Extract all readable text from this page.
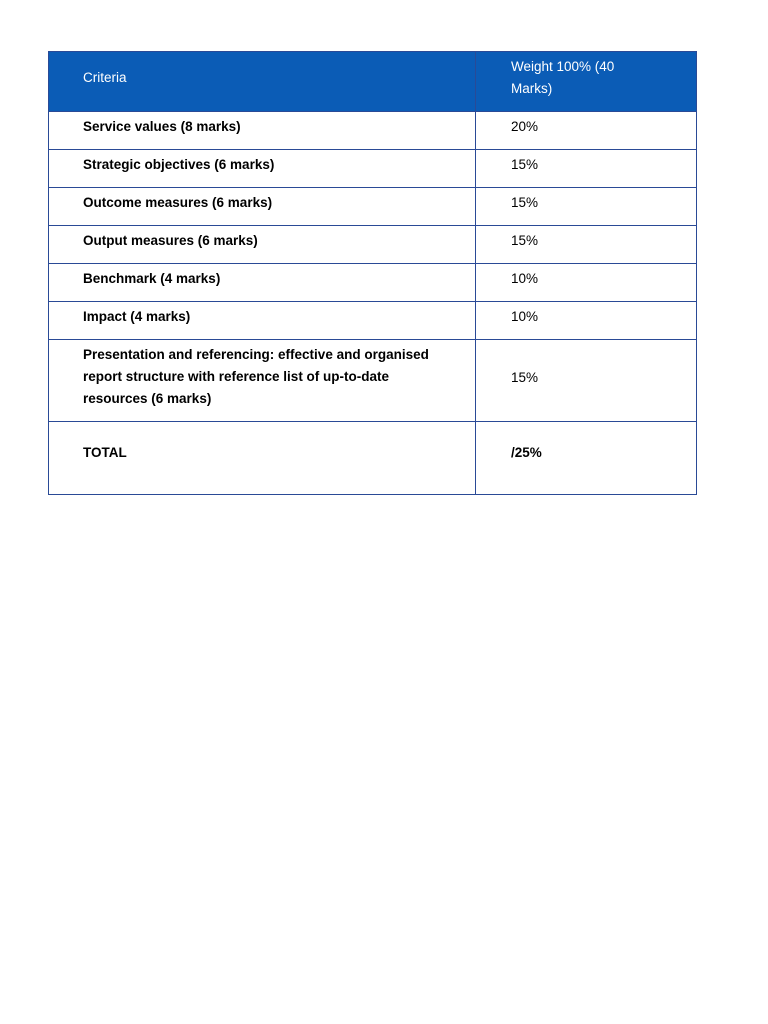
Criteria	Weight 100% (40 Marks)
Service values (8 marks)	20%
Strategic objectives (6 marks)	15%
Outcome measures (6 marks)	15%
Output measures (6 marks)	15%
Benchmark (4 marks)	10%
Impact (4 marks)	10%
Presentation and referencing: effective and organised report structure with reference list of up-to-date resources (6 marks)	15%
TOTAL	/25%
